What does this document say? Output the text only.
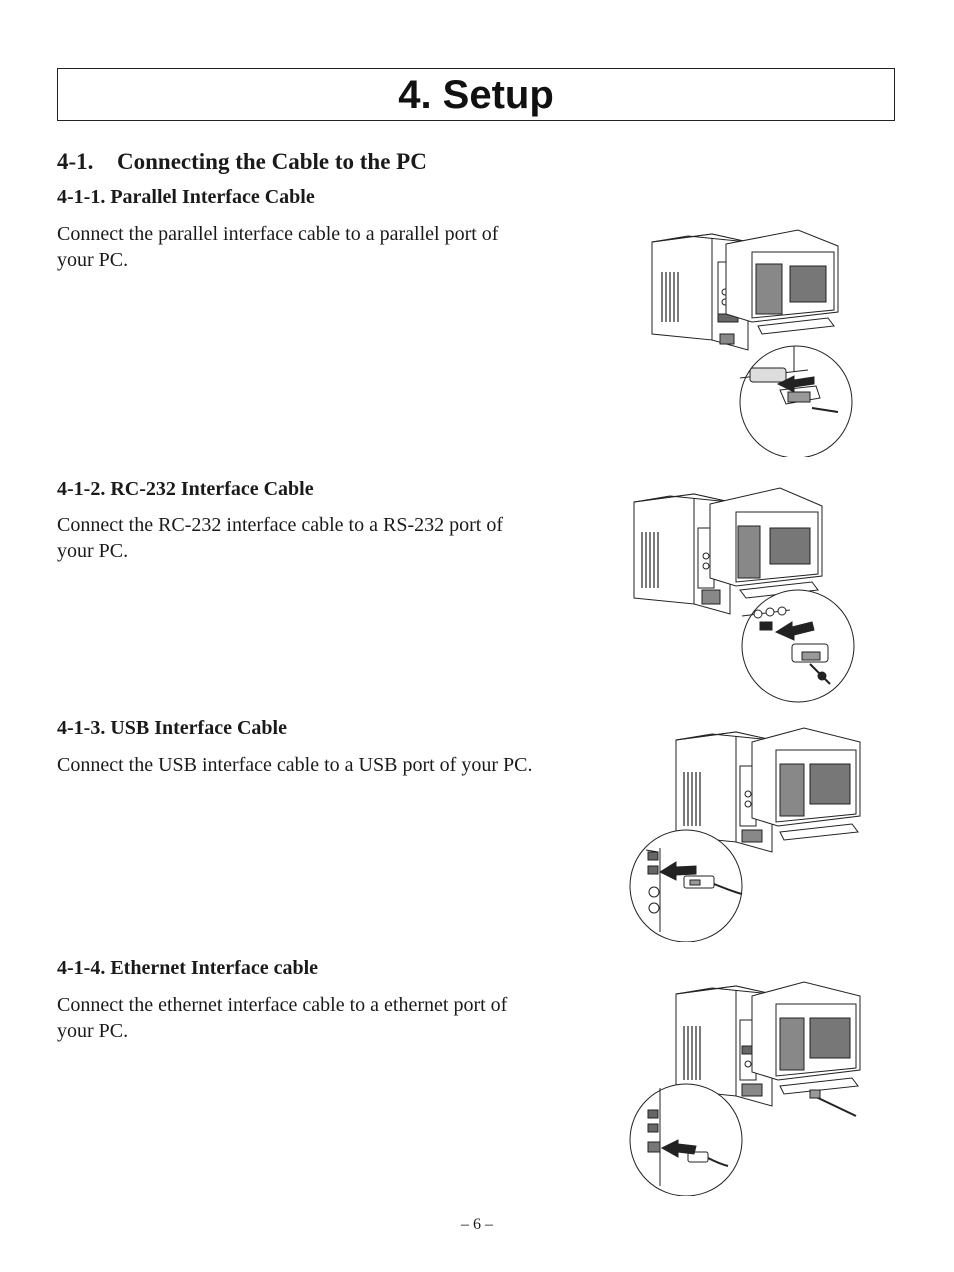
4. Setup
4-1. Connecting the Cable to the PC
4-1-1. Parallel Interface Cable

Connect the parallel interface cable to a parallel port of your PC.

4-1-2. RC-232 Interface Cable

Connect the RC-232 interface cable to a RS-232 port of your PC.

4-1-3. USB Interface Cable

Connect the USB interface cable to a USB port of your PC.

4-1-4. Ethernet Interface cable

Connect the ethernet interface cable to a ethernet port of your PC.

– 6 –
